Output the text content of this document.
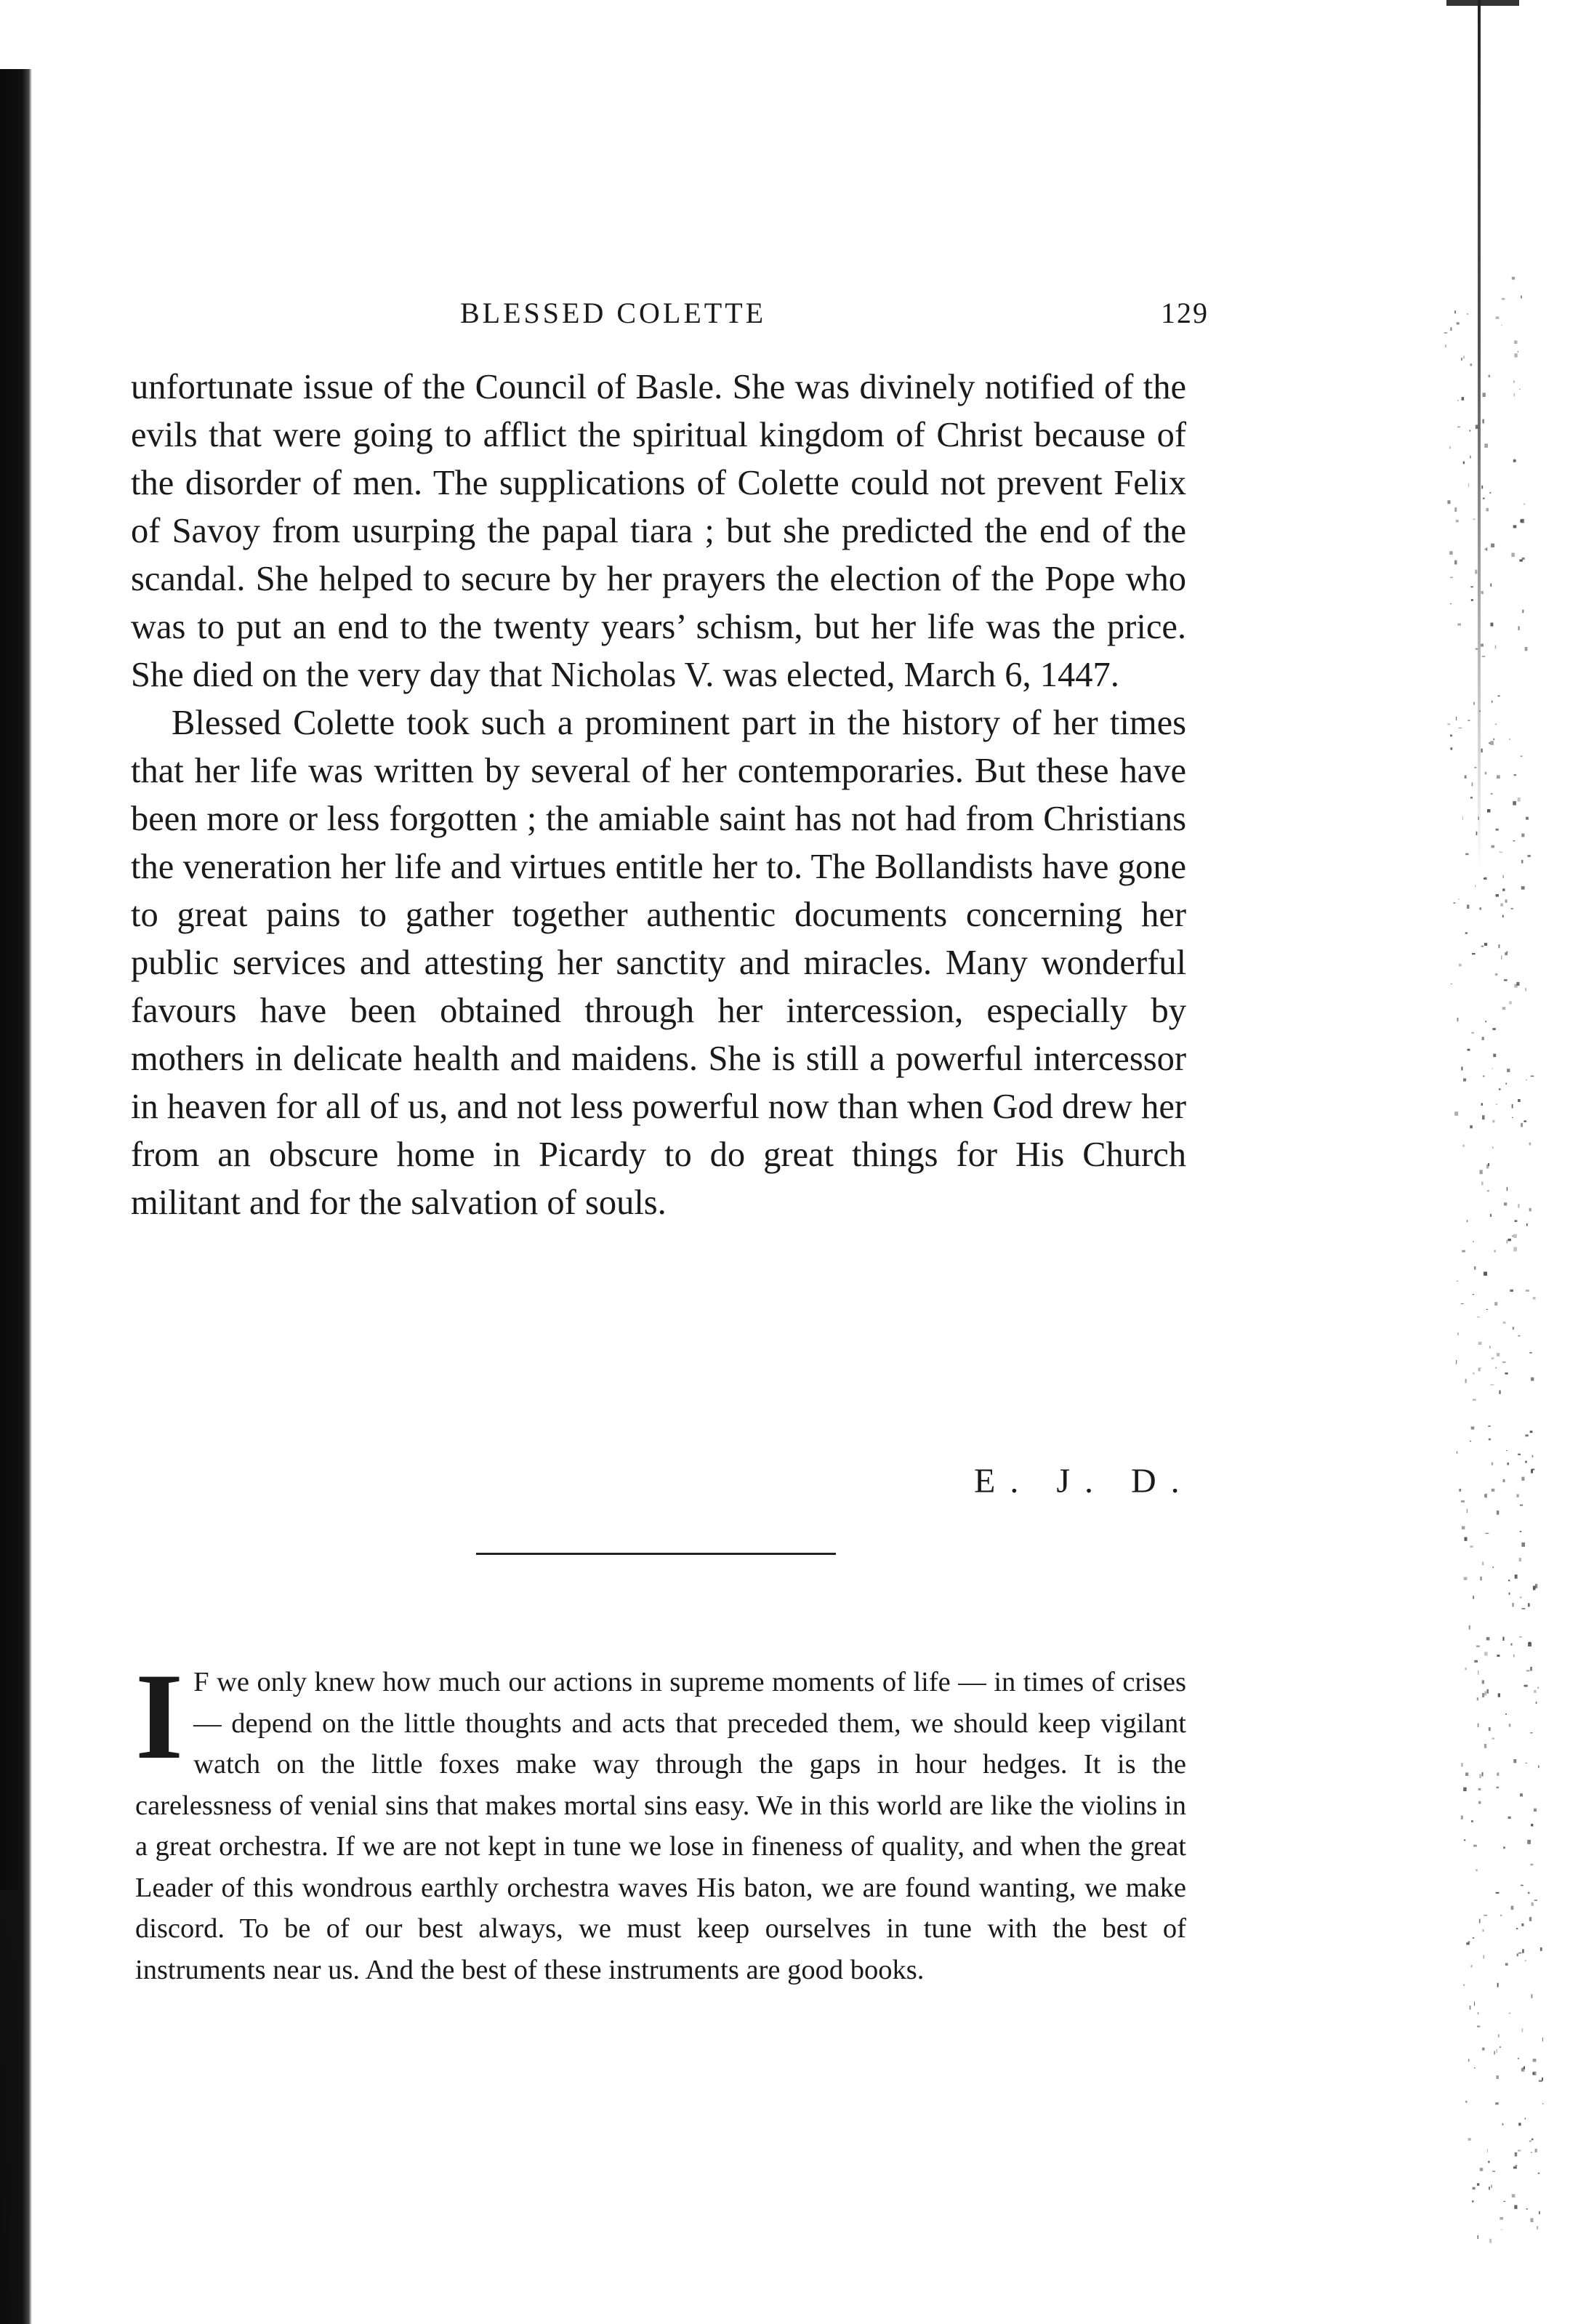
BLESSED COLETTE	129

unfortunate issue of the Council of Basle. She was divinely notified of the evils that were going to afflict the spiritual kingdom of Christ because of the disorder of men. The supplications of Colette could not prevent Felix of Savoy from usurping the papal tiara ; but she predicted the end of the scandal. She helped to secure by her prayers the election of the Pope who was to put an end to the twenty years’ schism, but her life was the price. She died on the very day that Nicholas V. was elected, March 6, 1447.

Blessed Colette took such a prominent part in the history of her times that her life was written by several of her contemporaries. But these have been more or less forgotten ; the amiable saint has not had from Christians the veneration her life and virtues entitle her to. The Bollandists have gone to great pains to gather together authentic documents concerning her public services and attesting her sanctity and miracles. Many wonderful favours have been obtained through her intercession, especially by mothers in delicate health and maidens. She is still a powerful intercessor in heaven for all of us, and not less powerful now than when God drew her from an obscure home in Picardy to do great things for His Church militant and for the salvation of souls.

E. J. D.
I F we only knew how much our actions in supreme moments of life — in times of crises — depend on the little thoughts and acts that preceded them, we should keep vigilant watch on the little foxes make way through the gaps in hour hedges. It is the carelessness of venial sins that makes mortal sins easy. We in this world are like the violins in a great orchestra. If we are not kept in tune we lose in fineness of quality, and when the great Leader of this wondrous earthly orchestra waves His baton, we are found wanting, we make discord. To be of our best always, we must keep ourselves in tune with the best of instruments near us. And the best of these instruments are good books.
